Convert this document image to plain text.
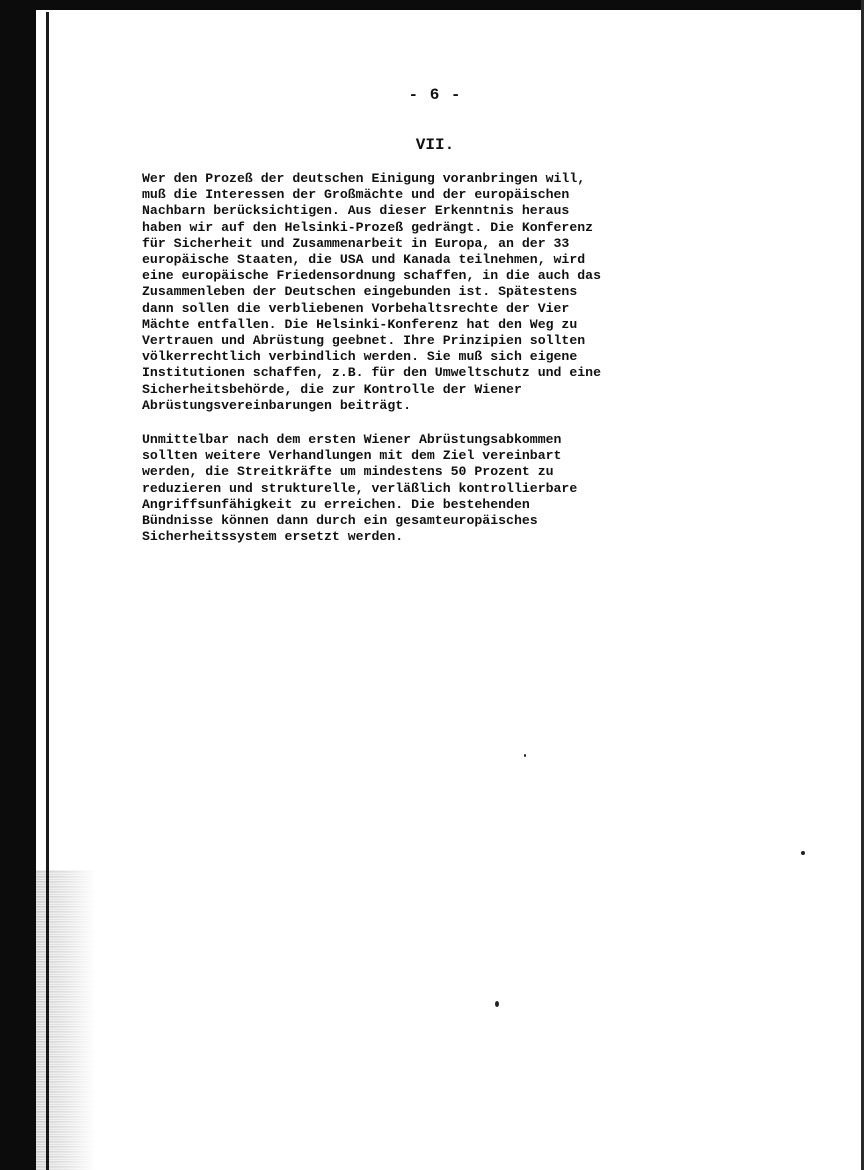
- 6 -
VII.
Wer den Prozeß der deutschen Einigung voranbringen will,
muß die Interessen der Großmächte und der europäischen
Nachbarn berücksichtigen. Aus dieser Erkenntnis heraus
haben wir auf den Helsinki-Prozeß gedrängt. Die Konferenz
für Sicherheit und Zusammenarbeit in Europa, an der 33
europäische Staaten, die USA und Kanada teilnehmen, wird
eine europäische Friedensordnung schaffen, in die auch das
Zusammenleben der Deutschen eingebunden ist. Spätestens
dann sollen die verbliebenen Vorbehaltsrechte der Vier
Mächte entfallen. Die Helsinki-Konferenz hat den Weg zu
Vertrauen und Abrüstung geebnet. Ihre Prinzipien sollten
völkerrechtlich verbindlich werden. Sie muß sich eigene
Institutionen schaffen, z.B. für den Umweltschutz und eine
Sicherheitsbehörde, die zur Kontrolle der Wiener
Abrüstungsvereinbarungen beiträgt.
Unmittelbar nach dem ersten Wiener Abrüstungsabkommen
sollten weitere Verhandlungen mit dem Ziel vereinbart
werden, die Streitkräfte um mindestens 50 Prozent zu
reduzieren und strukturelle, verläßlich kontrollierbare
Angriffsunfähigkeit zu erreichen. Die bestehenden
Bündnisse können dann durch ein gesamteuropäisches
Sicherheitssystem ersetzt werden.
